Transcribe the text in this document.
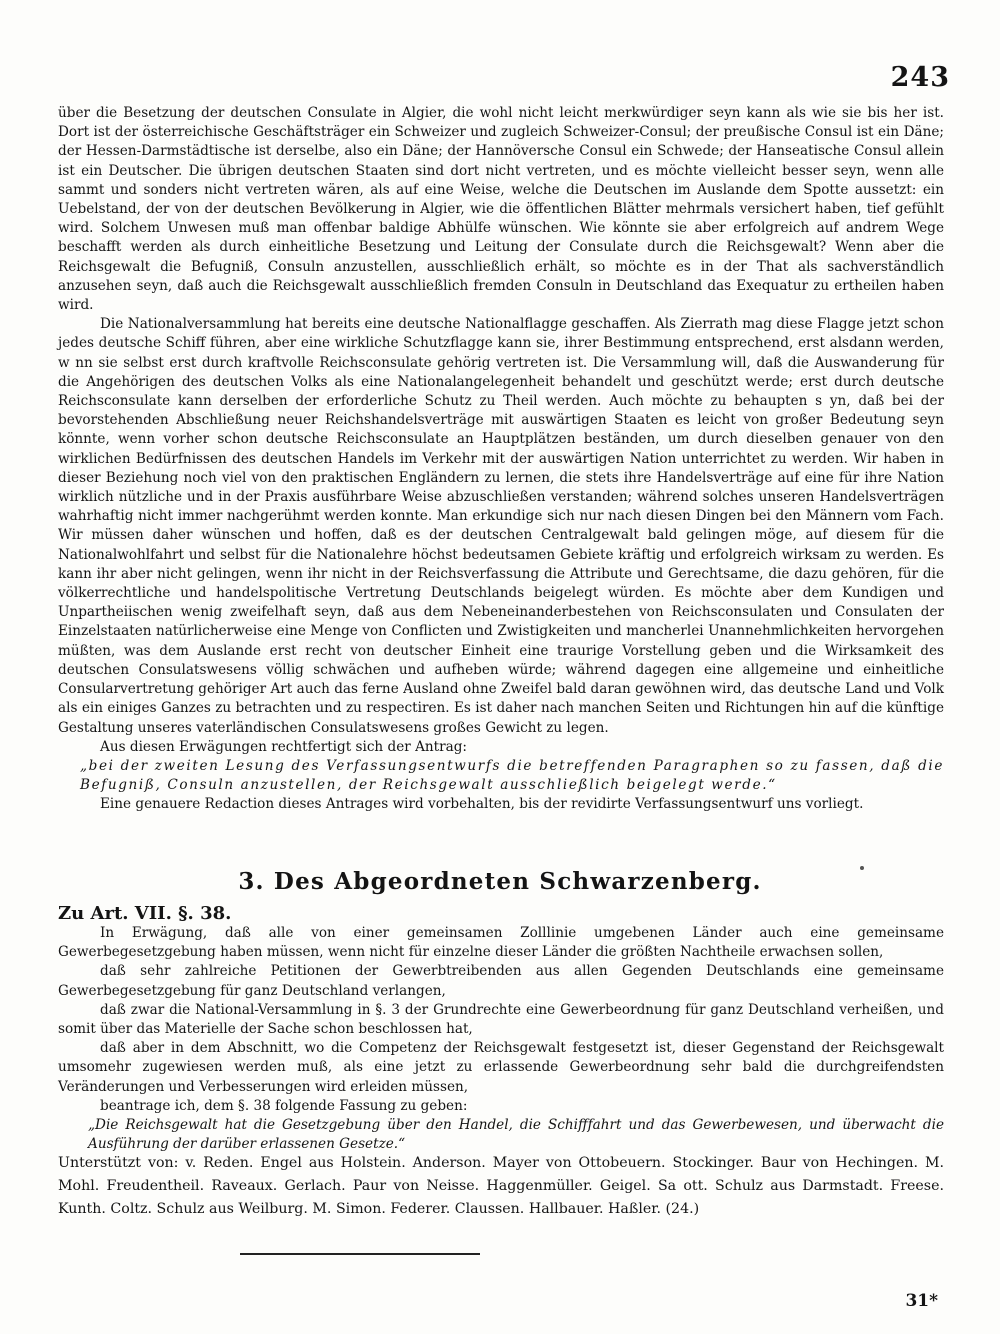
243

über die Besetzung der deutschen Consulate in Algier, die wohl nicht leicht merkwürdiger seyn kann als wie sie bis her ist. Dort ist der österreichische Geschäftsträger ein Schweizer und zugleich Schweizer-Consul; der preußische Consul ist ein Däne; der Hessen-Darmstädtische ist derselbe, also ein Däne; der Hannöversche Consul ein Schwede; der Hanseatische Consul allein ist ein Deutscher. Die übrigen deutschen Staaten sind dort nicht vertreten, und es möchte vielleicht besser seyn, wenn alle sammt und sonders nicht vertreten wären, als auf eine Weise, welche die Deutschen im Auslande dem Spotte aussetzt: ein Uebelstand, der von der deutschen Bevölkerung in Algier, wie die öffentlichen Blätter mehrmals versichert haben, tief gefühlt wird. Solchem Unwesen muß man offenbar baldige Abhülfe wünschen. Wie könnte sie aber erfolgreich auf andrem Wege beschafft werden als durch einheitliche Besetzung und Leitung der Consulate durch die Reichsgewalt? Wenn aber die Reichsgewalt die Befugniß, Consuln anzustellen, ausschließlich erhält, so möchte es in der That als sachverständlich anzusehen seyn, daß auch die Reichsgewalt ausschließlich fremden Consuln in Deutschland das Exequatur zu ertheilen haben wird.

Die Nationalversammlung hat bereits eine deutsche Nationalflagge geschaffen. Als Zierrath mag diese Flagge jetzt schon jedes deutsche Schiff führen, aber eine wirkliche Schutzflagge kann sie, ihrer Bestimmung entsprechend, erst alsdann werden, w nn sie selbst erst durch kraftvolle Reichsconsulate gehörig vertreten ist. Die Versammlung will, daß die Auswanderung für die Angehörigen des deutschen Volks als eine Nationalangelegenheit behandelt und geschützt werde; erst durch deutsche Reichsconsulate kann derselben der erforderliche Schutz zu Theil werden. Auch möchte zu behaupten s yn, daß bei der bevorstehenden Abschließung neuer Reichshandelsverträge mit auswärtigen Staaten es leicht von großer Bedeutung seyn könnte, wenn vorher schon deutsche Reichsconsulate an Hauptplätzen beständen, um durch dieselben genauer von den wirklichen Bedürfnissen des deutschen Handels im Verkehr mit der auswärtigen Nation unterrichtet zu werden. Wir haben in dieser Beziehung noch viel von den praktischen Engländern zu lernen, die stets ihre Handelsverträge auf eine für ihre Nation wirklich nützliche und in der Praxis ausführbare Weise abzuschließen verstanden; während solches unseren Handelsverträgen wahrhaftig nicht immer nachgerühmt werden konnte. Man erkundige sich nur nach diesen Dingen bei den Männern vom Fach. Wir müssen daher wünschen und hoffen, daß es der deutschen Centralgewalt bald gelingen möge, auf diesem für die Nationalwohlfahrt und selbst für die Nationalehre höchst bedeutsamen Gebiete kräftig und erfolgreich wirksam zu werden. Es kann ihr aber nicht gelingen, wenn ihr nicht in der Reichsverfassung die Attribute und Gerechtsame, die dazu gehören, für die völkerrechtliche und handelspolitische Vertretung Deutschlands beigelegt würden. Es möchte aber dem Kundigen und Unpartheiischen wenig zweifelhaft seyn, daß aus dem Nebeneinanderbestehen von Reichsconsulaten und Consulaten der Einzelstaaten natürlicherweise eine Menge von Conflicten und Zwistigkeiten und mancherlei Unannehmlichkeiten hervorgehen müßten, was dem Auslande erst recht von deutscher Einheit eine traurige Vorstellung geben und die Wirksamkeit des deutschen Consulatswesens völlig schwächen und aufheben würde; während dagegen eine allgemeine und einheitliche Consularvertretung gehöriger Art auch das ferne Ausland ohne Zweifel bald daran gewöhnen wird, das deutsche Land und Volk als ein einiges Ganzes zu betrachten und zu respectiren. Es ist daher nach manchen Seiten und Richtungen hin auf die künftige Gestaltung unseres vaterländischen Consulatswesens großes Gewicht zu legen.

Aus diesen Erwägungen rechtfertigt sich der Antrag:

„bei der zweiten Lesung des Verfassungsentwurfs die betreffenden Paragraphen so zu fassen, daß die Befugniß, Consuln anzustellen, der Reichsgewalt ausschließlich beigelegt werde.“

Eine genauere Redaction dieses Antrages wird vorbehalten, bis der revidirte Verfassungsentwurf uns vorliegt.

3. Des Abgeordneten Schwarzenberg.
Zu Art. VII. §. 38.

In Erwägung, daß alle von einer gemeinsamen Zolllinie umgebenen Länder auch eine gemeinsame Gewerbegesetzgebung haben müssen, wenn nicht für einzelne dieser Länder die größten Nachtheile erwachsen sollen,

daß sehr zahlreiche Petitionen der Gewerbtreibenden aus allen Gegenden Deutschlands eine gemeinsame Gewerbegesetzgebung für ganz Deutschland verlangen,

daß zwar die National-Versammlung in §. 3 der Grundrechte eine Gewerbeordnung für ganz Deutschland verheißen, und somit über das Materielle der Sache schon beschlossen hat,

daß aber in dem Abschnitt, wo die Competenz der Reichsgewalt festgesetzt ist, dieser Gegenstand der Reichsgewalt umsomehr zugewiesen werden muß, als eine jetzt zu erlassende Gewerbeordnung sehr bald die durchgreifendsten Veränderungen und Verbesserungen wird erleiden müssen,

beantrage ich, dem §. 38 folgende Fassung zu geben:

„Die Reichsgewalt hat die Gesetzgebung über den Handel, die Schifffahrt und das Gewerbewesen, und überwacht die Ausführung der darüber erlassenen Gesetze.“

Unterstützt von: v. Reden. Engel aus Holstein. Anderson. Mayer von Ottobeuern. Stockinger. Baur von Hechingen. M. Mohl. Freudentheil. Raveaux. Gerlach. Paur von Neisse. Haggenmüller. Geigel. Sa ott. Schulz aus Darmstadt. Freese. Kunth. Coltz. Schulz aus Weilburg. M. Simon. Federer. Claussen. Hallbauer. Haßler. (24.)
31*
